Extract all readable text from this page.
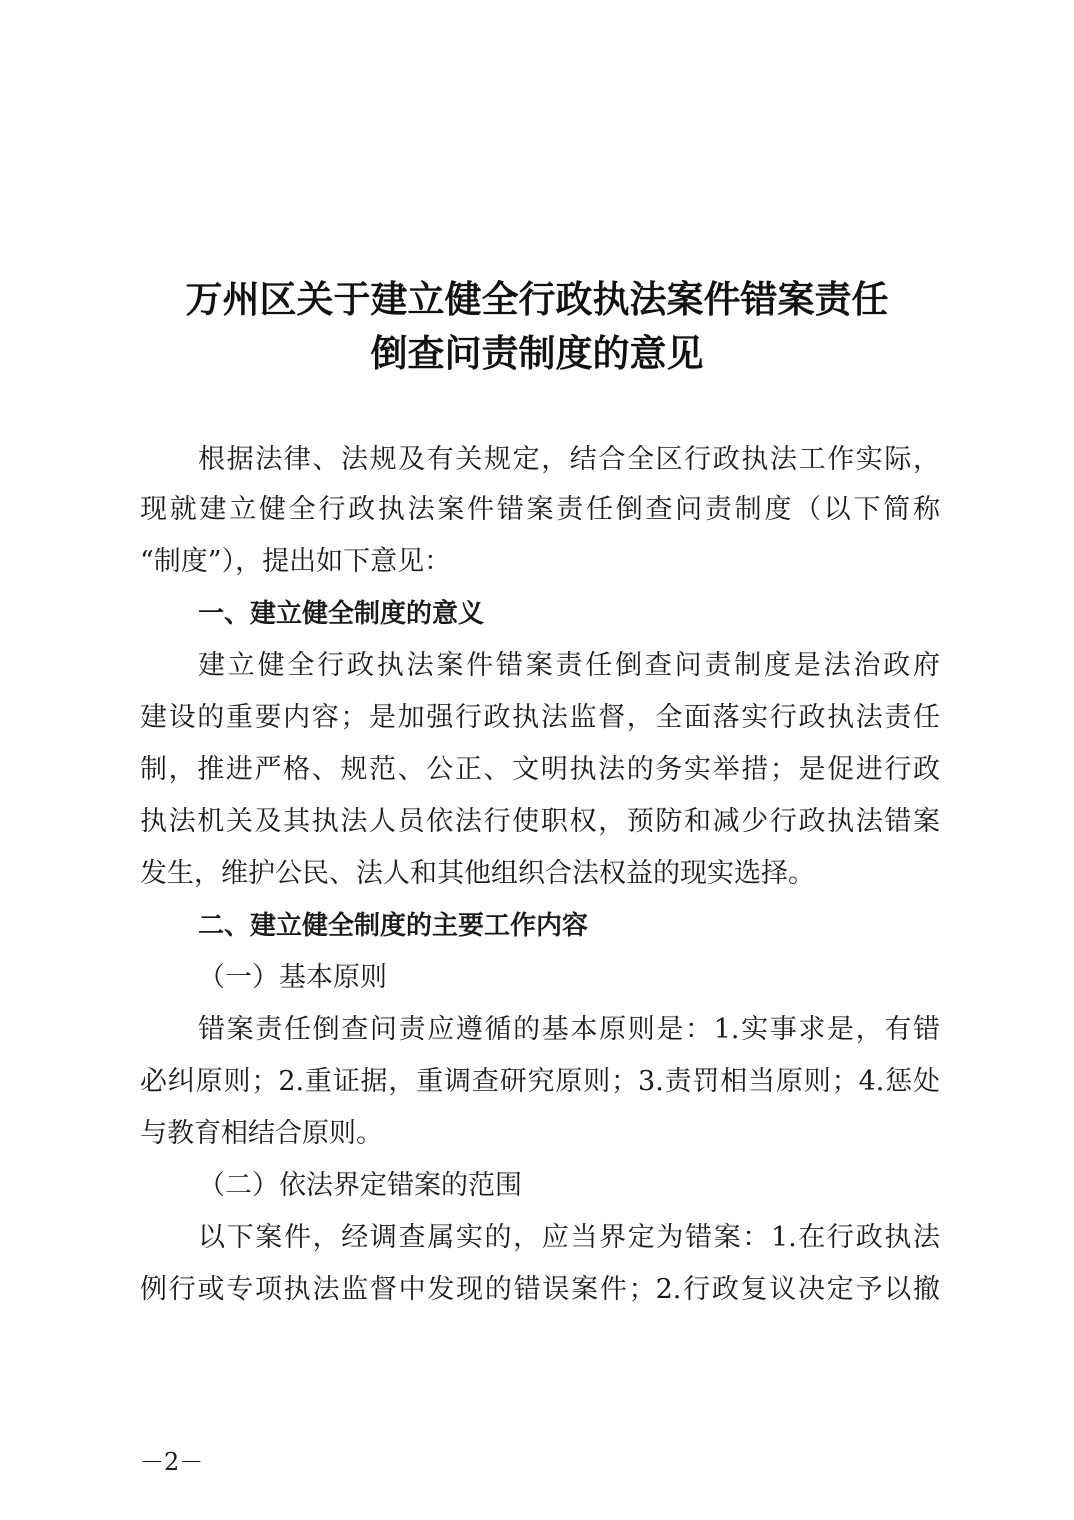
万州区关于建立健全行政执法案件错案责任
倒查问责制度的意见
根据法律、法规及有关规定，结合全区行政执法工作实际，
现就建立健全行政执法案件错案责任倒查问责制度（以下简称
“制度”），提出如下意见：
一、建立健全制度的意义
建立健全行政执法案件错案责任倒查问责制度是法治政府
建设的重要内容；是加强行政执法监督，全面落实行政执法责任
制，推进严格、规范、公正、文明执法的务实举措；是促进行政
执法机关及其执法人员依法行使职权，预防和减少行政执法错案
发生，维护公民、法人和其他组织合法权益的现实选择。
二、建立健全制度的主要工作内容
（一）基本原则
错案责任倒查问责应遵循的基本原则是：1.实事求是，有错
必纠原则；2.重证据，重调查研究原则；3.责罚相当原则；4.惩处
与教育相结合原则。
（二）依法界定错案的范围
以下案件，经调查属实的，应当界定为错案：1.在行政执法
例行或专项执法监督中发现的错误案件；2.行政复议决定予以撤
－2－
